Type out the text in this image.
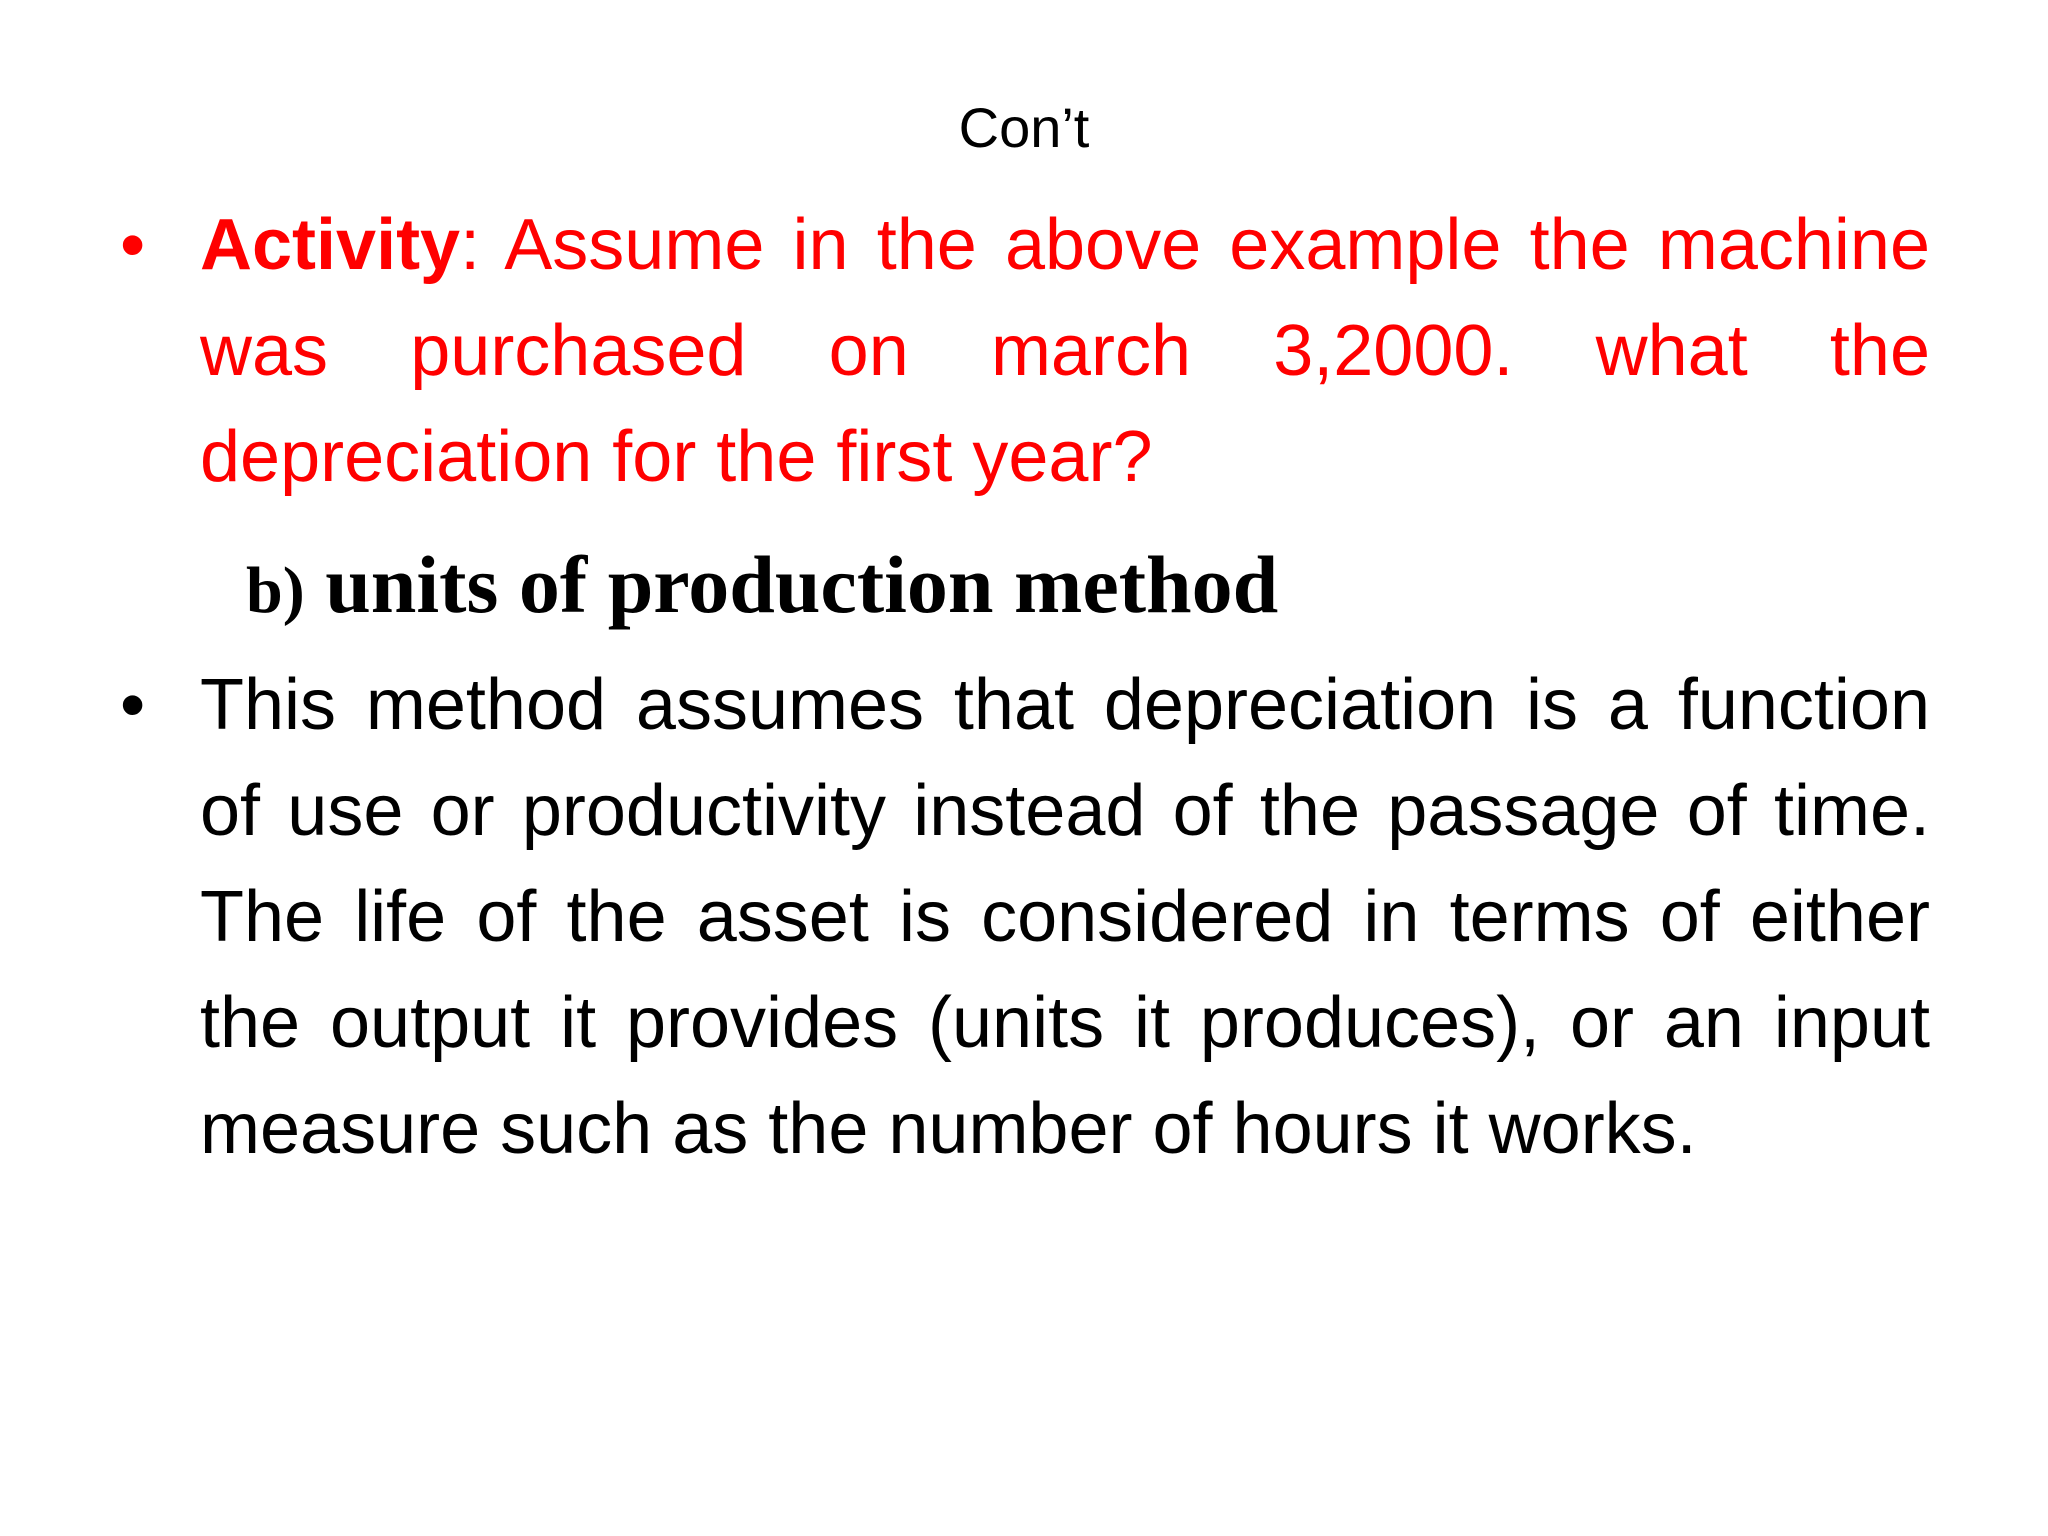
Con’t
• Activity: Assume in the above example the machine was purchased on march 3,2000. what the depreciation for the first year?
b) units of production method
• This method assumes that depreciation is a function of use or productivity instead of the passage of time. The life of the asset is considered in terms of either the output it provides (units it produces), or an input measure such as the number of hours it works.
